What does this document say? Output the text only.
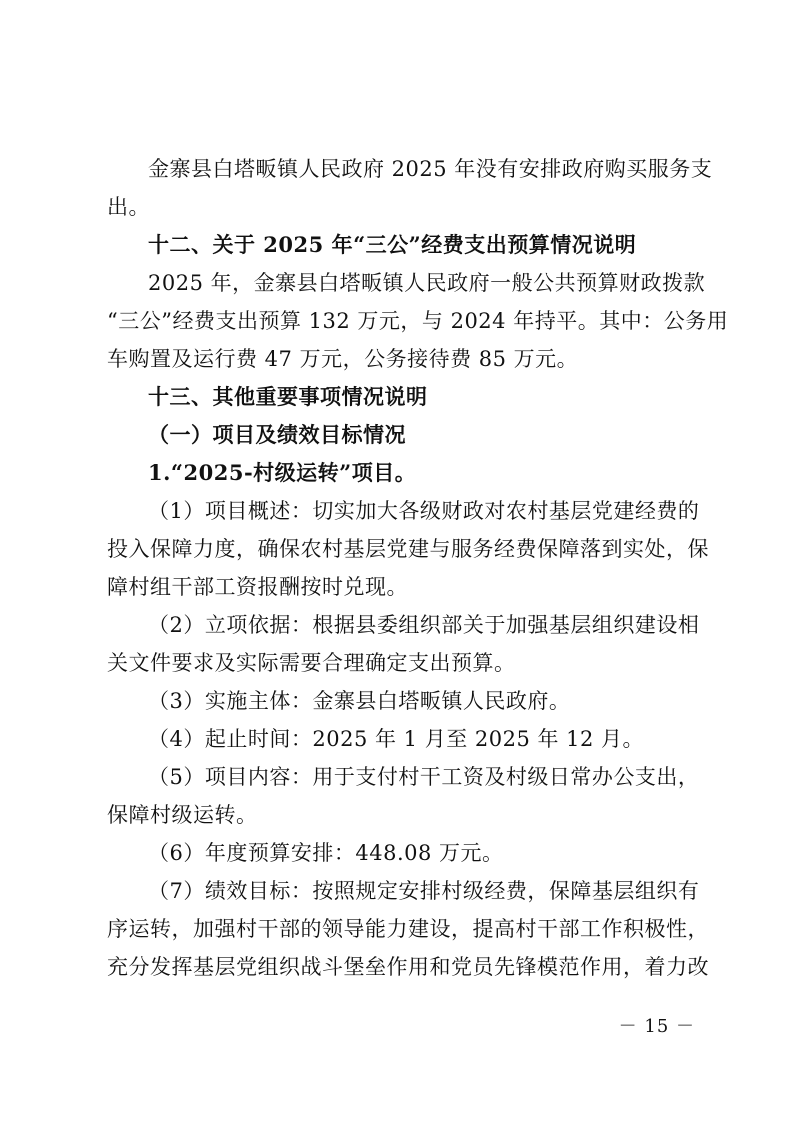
金寨县白塔畈镇人民政府 2025 年没有安排政府购买服务支
出。
十二、关于 2025 年“三公”经费支出预算情况说明
2025 年，金寨县白塔畈镇人民政府一般公共预算财政拨款
“三公”经费支出预算 132 万元，与 2024 年持平。其中：公务用
车购置及运行费 47 万元，公务接待费 85 万元。
十三、其他重要事项情况说明
（一）项目及绩效目标情况
1.“2025-村级运转”项目。
（1）项目概述：切实加大各级财政对农村基层党建经费的
投入保障力度，确保农村基层党建与服务经费保障落到实处，保
障村组干部工资报酬按时兑现。
（2）立项依据：根据县委组织部关于加强基层组织建设相
关文件要求及实际需要合理确定支出预算。
（3）实施主体：金寨县白塔畈镇人民政府。
（4）起止时间：2025 年 1 月至 2025 年 12 月。
（5）项目内容：用于支付村干工资及村级日常办公支出，
保障村级运转。
（6）年度预算安排：448.08 万元。
（7）绩效目标：按照规定安排村级经费，保障基层组织有
序运转，加强村干部的领导能力建设，提高村干部工作积极性，
充分发挥基层党组织战斗堡垒作用和党员先锋模范作用，着力改
－ 15 －
